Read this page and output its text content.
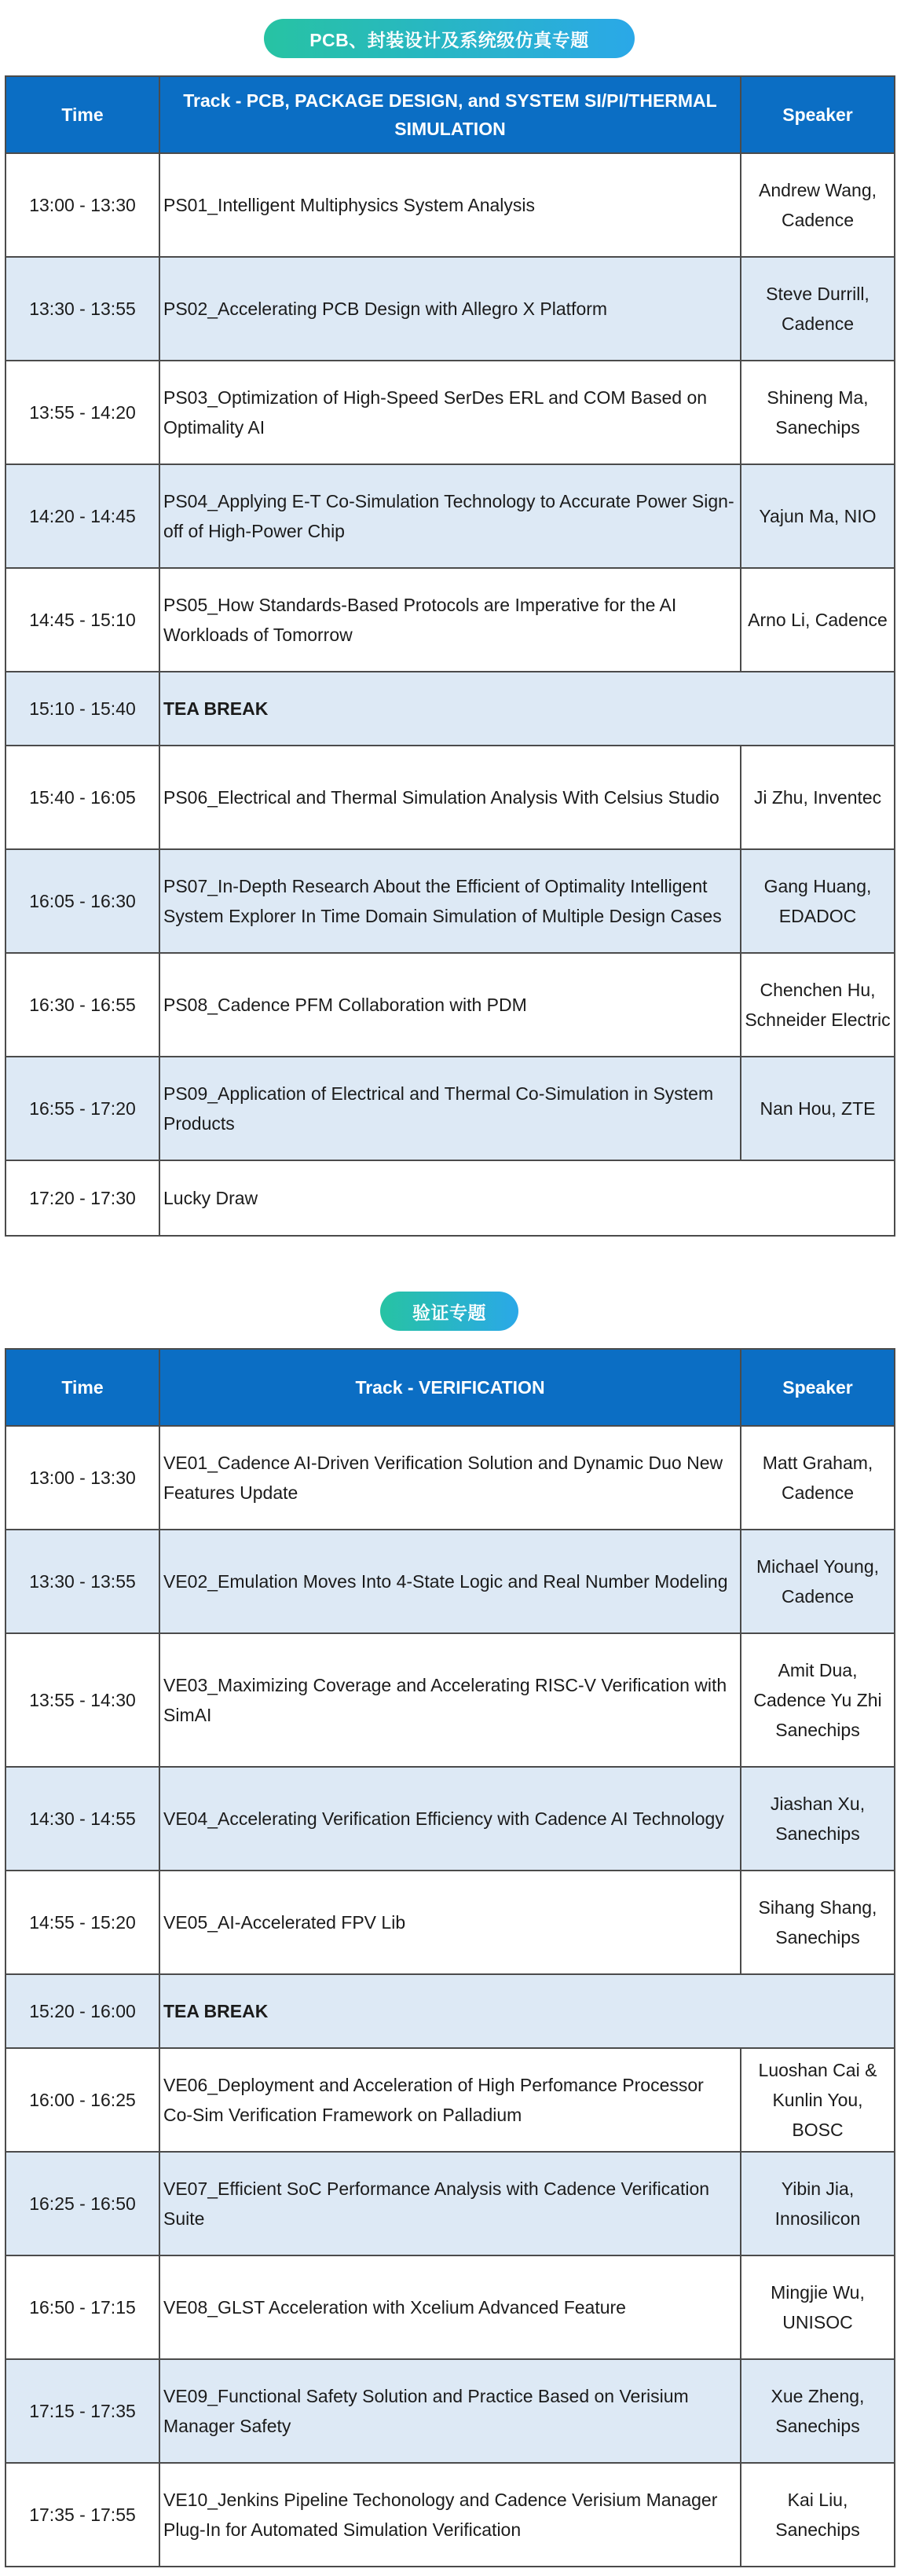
PCB、封装设计及系统级仿真专题
Time	Track - PCB, PACKAGE DESIGN, and SYSTEM SI/PI/THERMAL SIMULATION	Speaker
13:00 - 13:30	PS01_Intelligent Multiphysics System Analysis	Andrew Wang, Cadence
13:30 - 13:55	PS02_Accelerating PCB Design with Allegro X Platform	Steve Durrill, Cadence
13:55 - 14:20	PS03_Optimization of High-Speed SerDes ERL and COM Based on Optimality AI	Shineng Ma, Sanechips
14:20 - 14:45	PS04_Applying E-T Co-Simulation Technology to Accurate Power Sign-off of High-Power Chip	Yajun Ma, NIO
14:45 - 15:10	PS05_How Standards-Based Protocols are Imperative for the AI Workloads of Tomorrow	Arno Li, Cadence
15:10 - 15:40	TEA BREAK	
15:40 - 16:05	PS06_Electrical and Thermal Simulation Analysis With Celsius Studio	Ji Zhu, Inventec
16:05 - 16:30	PS07_In-Depth Research About the Efficient of Optimality Intelligent System Explorer In Time Domain Simulation of Multiple Design Cases	Gang Huang, EDADOC
16:30 - 16:55	PS08_Cadence PFM Collaboration with PDM	Chenchen Hu, Schneider Electric
16:55 - 17:20	PS09_Application of Electrical and Thermal Co-Simulation in System Products	Nan Hou, ZTE
17:20 - 17:30	Lucky Draw	
验证专题
Time	Track - VERIFICATION	Speaker
13:00 - 13:30	VE01_Cadence AI-Driven Verification Solution and Dynamic Duo New Features Update	Matt Graham, Cadence
13:30 - 13:55	VE02_Emulation Moves Into 4-State Logic and Real Number Modeling	Michael Young, Cadence
13:55 - 14:30	VE03_Maximizing Coverage and Accelerating RISC-V Verification with SimAI	Amit Dua, Cadence Yu Zhi Sanechips
14:30 - 14:55	VE04_Accelerating Verification Efficiency with Cadence AI Technology	Jiashan Xu, Sanechips
14:55 - 15:20	VE05_AI-Accelerated FPV Lib	Sihang Shang, Sanechips
15:20 - 16:00	TEA BREAK	
16:00 - 16:25	VE06_Deployment and Acceleration of High Perfomance Processor Co-Sim Verification Framework on Palladium	Luoshan Cai & Kunlin You, BOSC
16:25 - 16:50	VE07_Efficient SoC Performance Analysis with Cadence Verification Suite	Yibin Jia, Innosilicon
16:50 - 17:15	VE08_GLST Acceleration with Xcelium Advanced Feature	Mingjie Wu, UNISOC
17:15 - 17:35	VE09_Functional Safety Solution and Practice Based on Verisium Manager Safety	Xue Zheng, Sanechips
17:35 - 17:55	VE10_Jenkins Pipeline Techonology and Cadence Verisium Manager Plug-In for Automated Simulation Verification	Kai Liu, Sanechips
